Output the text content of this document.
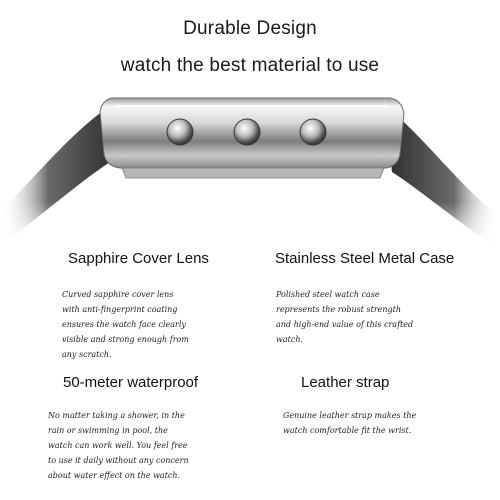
Durable Design
watch the best material to use
Sapphire Cover Lens
Curved sapphire cover lens
with anti-fingerprint coating
ensures the watch face clearly
visible and strong enough from
any scratch.
Stainless Steel Metal Case
Polished steel watch case
represents the robust strength
and high-end value of this crafted
watch.
50-meter waterproof
No matter taking a shower, in the
rain or swimming in pool, the
watch can work well. You feel free
to use it daily without any concern
about water effect on the watch.
Leather strap
Genuine leather strap makes the
watch comfortable fit the wrist.
